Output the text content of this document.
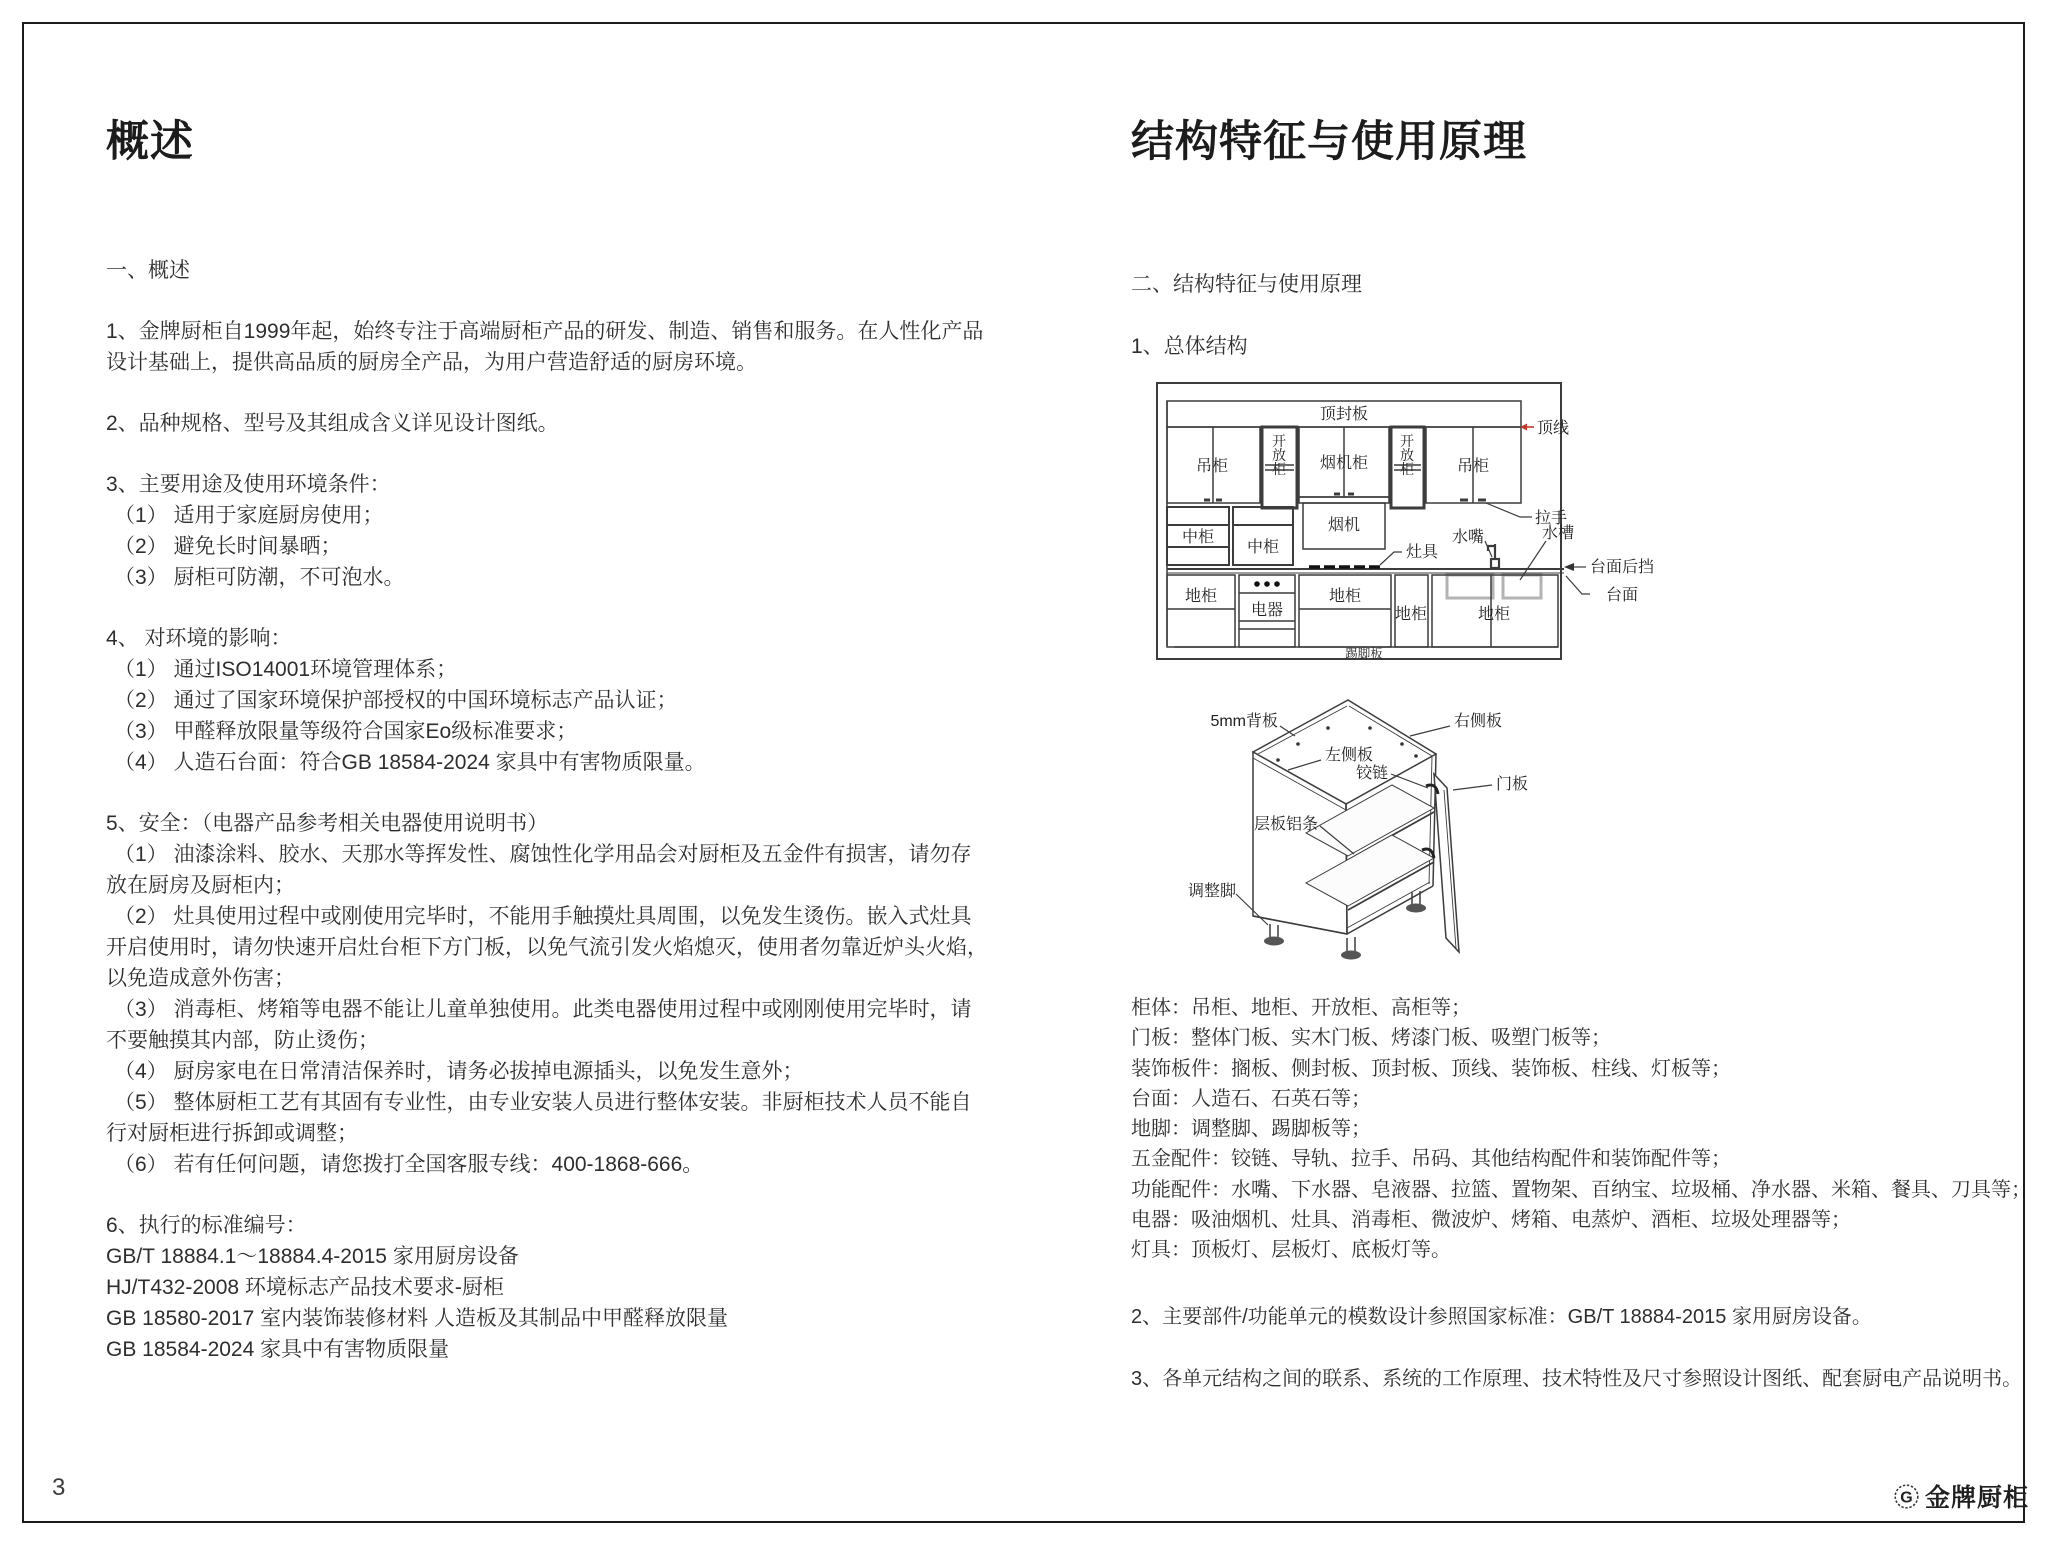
概述
一、概述
1、金牌厨柜自1999年起，始终专注于高端厨柜产品的研发、制造、销售和服务。在人性化产品设计基础上，提供高品质的厨房全产品，为用户营造舒适的厨房环境。
2、品种规格、型号及其组成含义详见设计图纸。
3、主要用途及使用环境条件：
（1） 适用于家庭厨房使用；
（2） 避免长时间暴晒；
（3） 厨柜可防潮，不可泡水。
4、 对环境的影响：
（1） 通过ISO14001环境管理体系；
（2） 通过了国家环境保护部授权的中国环境标志产品认证；
（3） 甲醛释放限量等级符合国家Eo级标准要求；
（4） 人造石台面：符合GB 18584-2024 家具中有害物质限量。
5、安全：（电器产品参考相关电器使用说明书）
（1） 油漆涂料、胶水、天那水等挥发性、腐蚀性化学用品会对厨柜及五金件有损害，请勿存放在厨房及厨柜内；
（2） 灶具使用过程中或刚使用完毕时，不能用手触摸灶具周围，以免发生烫伤。嵌入式灶具开启使用时，请勿快速开启灶台柜下方门板，以免气流引发火焰熄灭，使用者勿靠近炉头火焰，以免造成意外伤害；
（3） 消毒柜、烤箱等电器不能让儿童单独使用。此类电器使用过程中或刚刚使用完毕时，请不要触摸其内部，防止烫伤；
（4） 厨房家电在日常清洁保养时，请务必拔掉电源插头，以免发生意外；
（5） 整体厨柜工艺有其固有专业性，由专业安装人员进行整体安装。非厨柜技术人员不能自行对厨柜进行拆卸或调整；
（6） 若有任何问题，请您拨打全国客服专线：400-1868-666。
6、执行的标准编号：
GB/T 18884.1～18884.4-2015 家用厨房设备
HJ/T432-2008 环境标志产品技术要求-厨柜
GB 18580-2017 室内装饰装修材料 人造板及其制品中甲醛释放限量
GB 18584-2024 家具中有害物质限量
结构特征与使用原理
二、结构特征与使用原理
1、总体结构
顶封板
顶线
吊柜
开放柜 烟机柜
开放柜	吊柜
拉手
中柜
中柜
烟机
灶具
水嘴	水槽
台面后挡
台面
地柜
电器
地柜
地柜	地柜
踢脚板
5mm背板	右侧板
左侧板
铰链
门板
层板铝条
调整脚
柜体：吊柜、地柜、开放柜、高柜等；
门板：整体门板、实木门板、烤漆门板、吸塑门板等；
装饰板件：搁板、侧封板、顶封板、顶线、装饰板、柱线、灯板等；
台面：人造石、石英石等；
地脚：调整脚、踢脚板等；
五金配件：铰链、导轨、拉手、吊码、其他结构配件和装饰配件等；
功能配件：水嘴、下水器、皂液器、拉篮、置物架、百纳宝、垃圾桶、净水器、米箱、餐具、刀具等；
电器：吸油烟机、灶具、消毒柜、微波炉、烤箱、电蒸炉、酒柜、垃圾处理器等；
灯具：顶板灯、层板灯、底板灯等。
2、主要部件/功能单元的模数设计参照国家标准：GB/T 18884-2015 家用厨房设备。
3、各单元结构之间的联系、系统的工作原理、技术特性及尺寸参照设计图纸、配套厨电产品说明书。
3	G 金牌厨柜
